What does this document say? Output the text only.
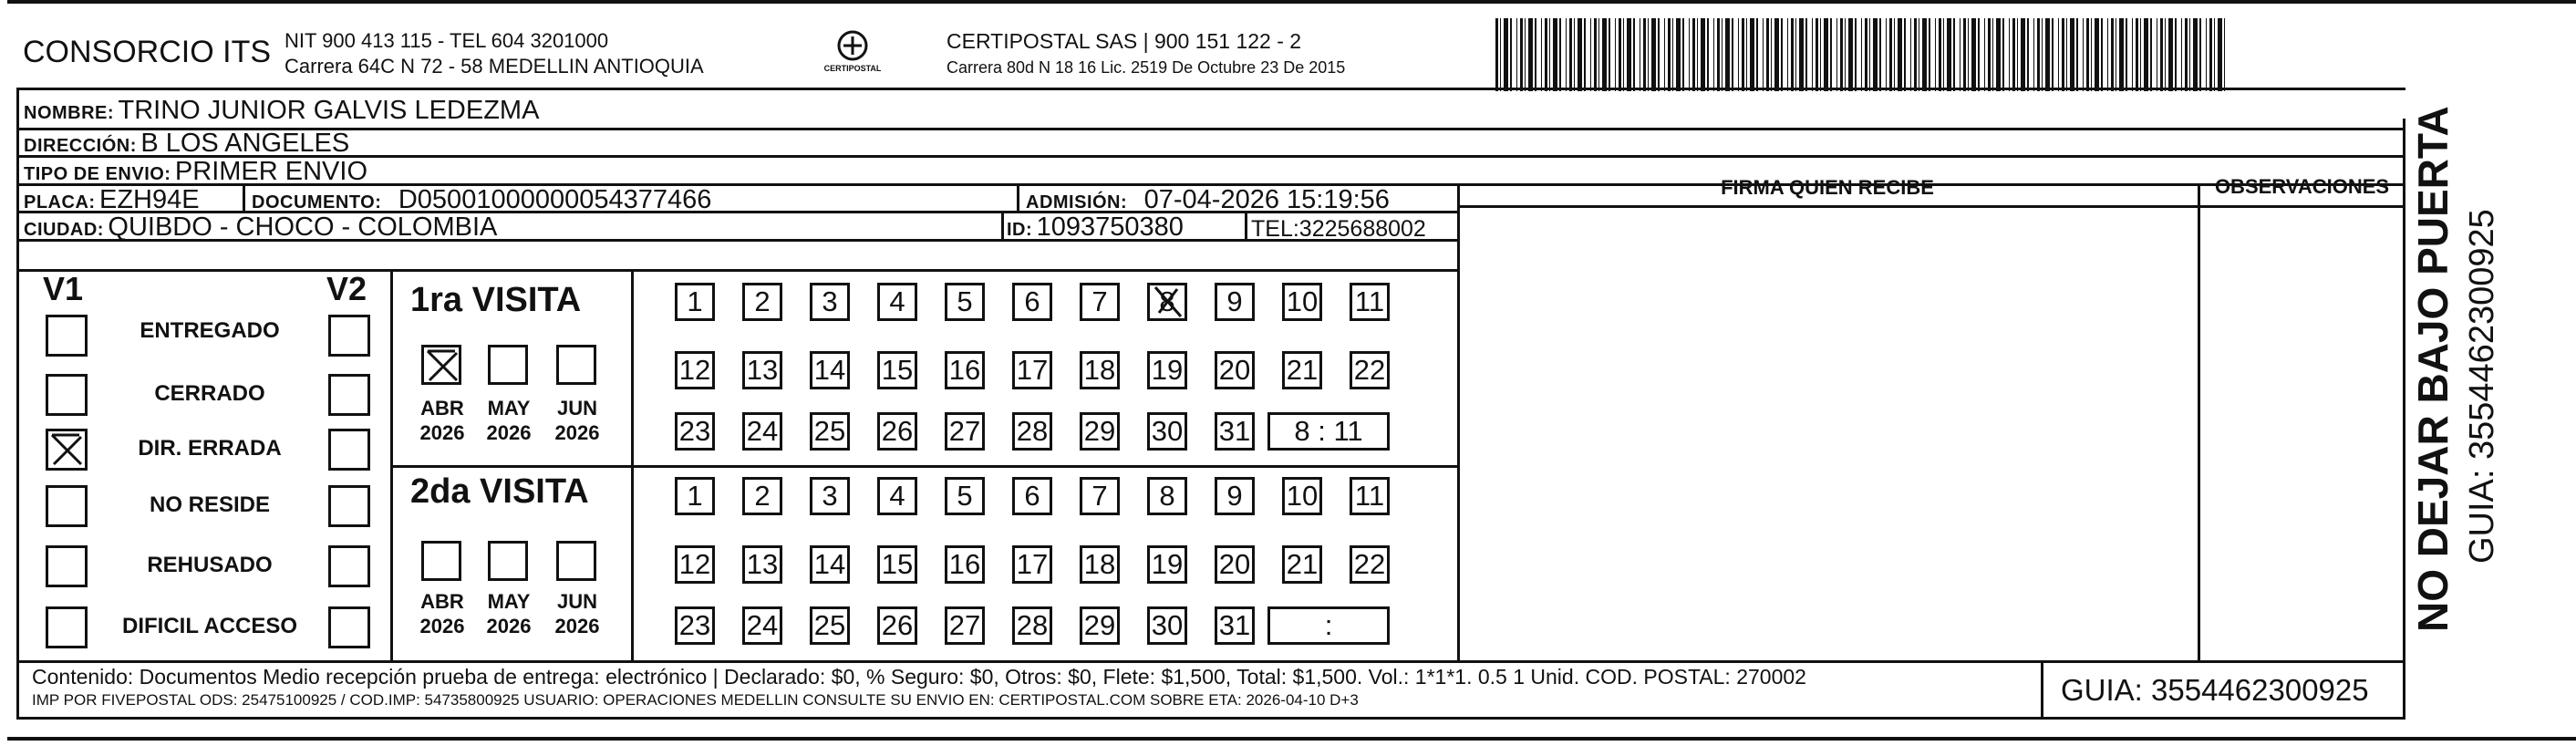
CONSORCIO ITS NIT 900 413 115 - TEL 604 3201000
Carrera 64C N 72 - 58 MEDELLIN ANTIOQUIA	CERTIPOSTAL
CERTIPOSTAL SAS | 900 151 122 - 2
Carrera 80d N 18 16 Lic. 2519 De Octubre 23 De 2015
NOMBRE: TRINO JUNIOR GALVIS LEDEZMA
DIRECCIÓN: B LOS ANGELES
TIPO DE ENVIO: PRIMER ENVIO
PLACA: EZH94E	DOCUMENTO: D05001000000054377466	ADMISIÓN: 07-04-2026 15:19:56
CIUDAD: QUIBDO - CHOCO - COLOMBIA	ID: 1093750380	TEL:3225688002
FIRMA QUIEN RECIBE	OBSERVACIONES
V1	V2
ENTREGADO
CERRADO
DIR. ERRADA
NO RESIDE
REHUSADO
DIFICIL ACCESO
1ra VISITA
2da VISITA
ABR
2026
MAY
2026
JUN
2026
ABR
2026
MAY
2026
JUN
2026
1	2	3	4	5	6	7	8	9	10 11
12 13 14 15 16 17 18 19 20 21 22
23 24 25 26 27 28 29 30 31	8 : 11
1	2	3	4	5	6	7	8	9	10 11
12 13 14 15 16 17 18 19 20 21 22
23 24 25 26 27 28 29 30 31	:
Contenido: Documentos Medio recepción prueba de entrega: electrónico | Declarado: $0, % Seguro: $0, Otros: $0, Flete: $1,500, Total: $1,500. Vol.: 1*1*1. 0.5 1 Unid. COD. POSTAL: 270002
IMP POR FIVEPOSTAL ODS: 25475100925 / COD.IMP: 54735800925 USUARIO: OPERACIONES MEDELLIN CONSULTE SU ENVIO EN: CERTIPOSTAL.COM SOBRE ETA: 2026-04-10 D+3	GUIA: 3554462300925
NO DEJAR BAJO PUERTA GUIA: 3554462300925
